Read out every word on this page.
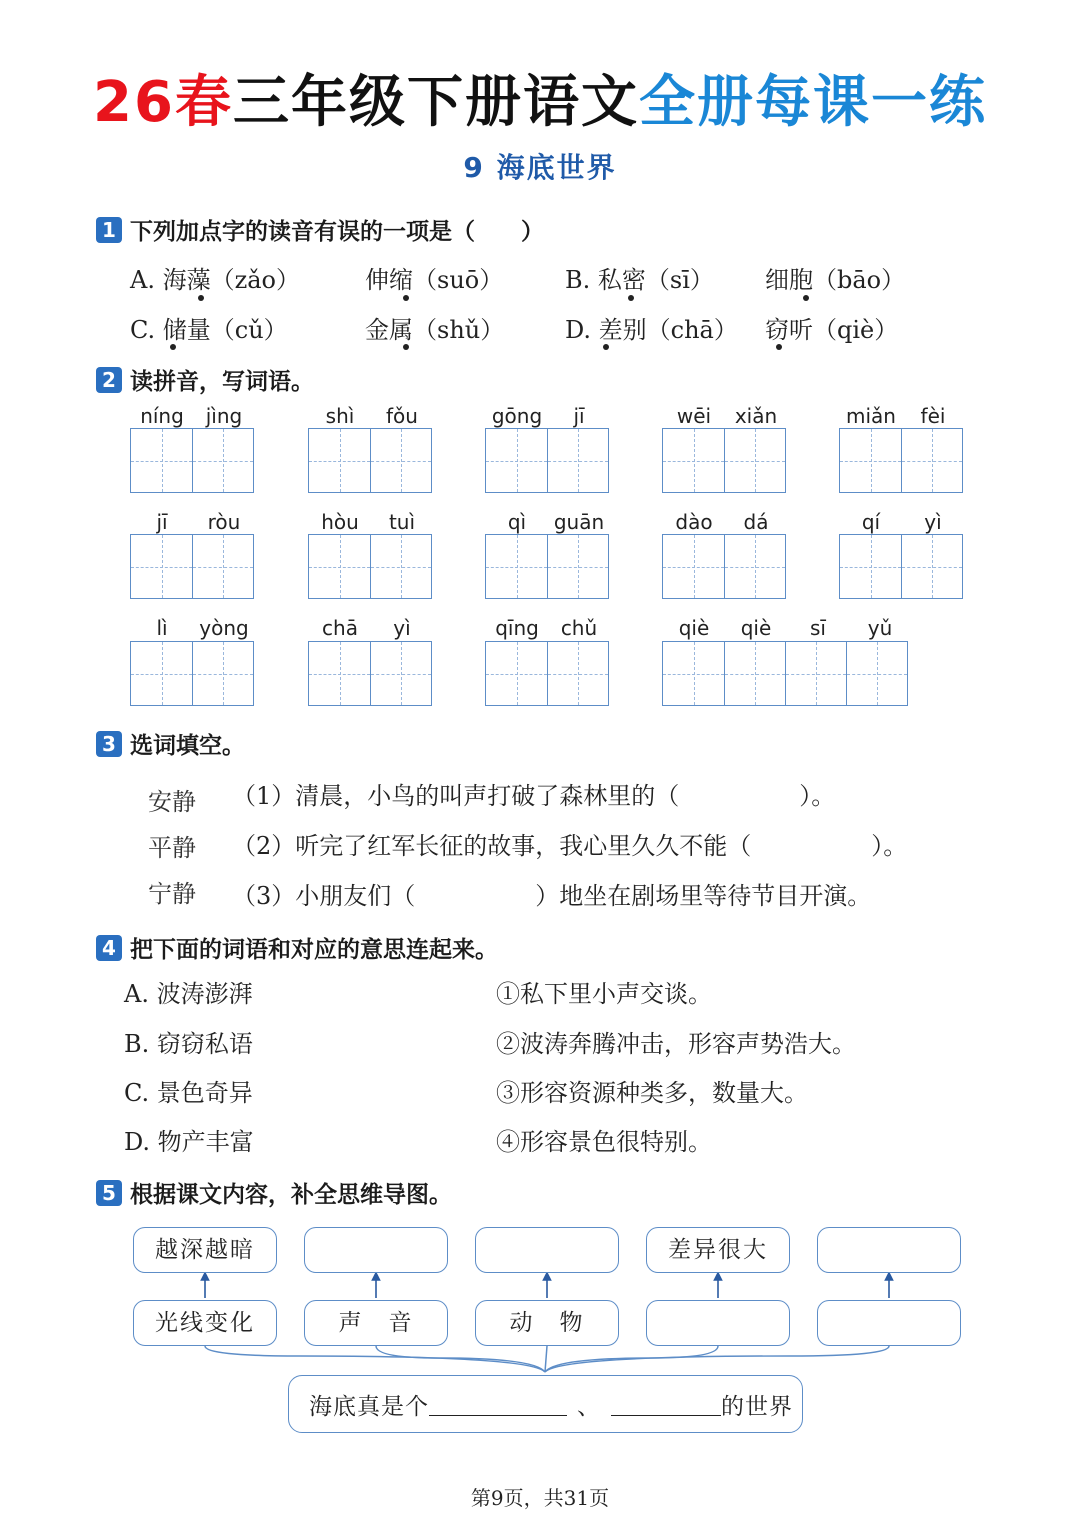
26春三年级下册语文全册每课一练
9 海底世界
1 下列加点字的读音有误的一项是（　　）
A. 海藻（zǎo）	伸缩（suō）	B. 私密（sī） 细胞（bāo）
C. 储量（cǔ）	金属（shǔ）	D. 差别（chā） 窃听（qiè）
2 读拼音，写词语。
níng	jìng	shì	fǒu	gōng	jī	wēi	xiǎn	miǎn	fèi
jī	ròu	hòu	tuì	qì	guān	dào	dá	qí	yì
lì	yòng	chā	yì	qīng	chǔ	qiè	qiè	sī	yǔ
3 选词填空。
安静
平静
宁静
（1）清晨，小鸟的叫声打破了森林里的（　　　　　）。
（2）听完了红军长征的故事，我心里久久不能（　　　　　）。
（3）小朋友们（　　　　　）地坐在剧场里等待节目开演。
4 把下面的词语和对应的意思连起来。
A. 波涛澎湃
B. 窃窃私语
C. 景色奇异
D. 物产丰富
①私下里小声交谈。
②波涛奔腾冲击，形容声势浩大。
③形容资源种类多，数量大。
④形容景色很特别。
5 根据课文内容，补全思维导图。
越深越暗	差异很大
光线变化	声　音	动　物
海底真是个	、	的世界
第9页，共31页
